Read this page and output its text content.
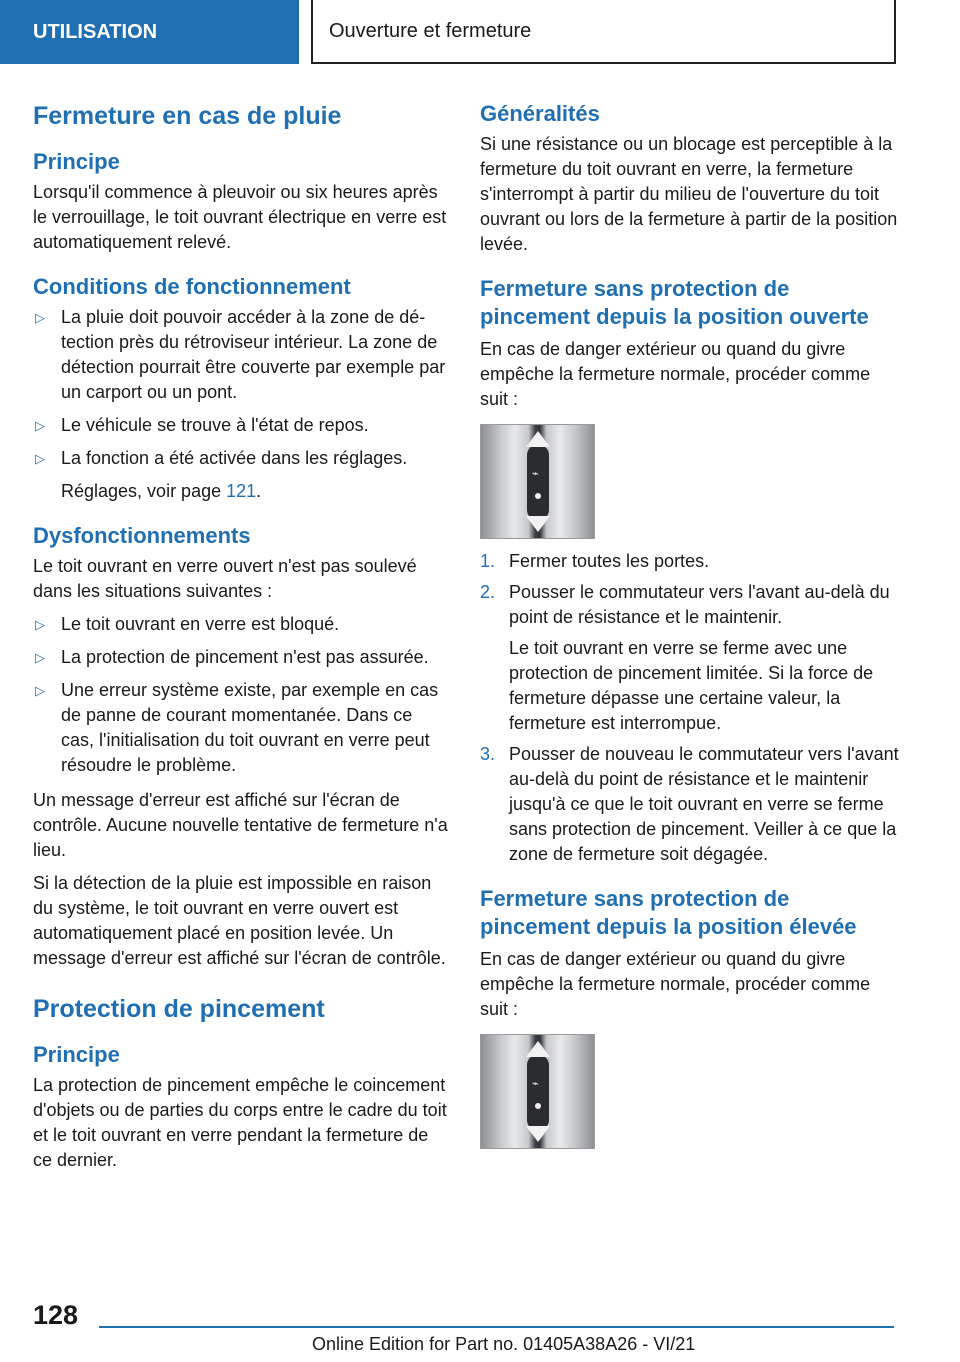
UTILISATION	Ouverture et fermeture
Fermeture en cas de pluie
Principe

Lorsqu'il commence à pleuvoir ou six heures après le verrouillage, le toit ouvrant électrique en verre est automatiquement relevé.

Conditions de fonctionnement
▷ La pluie doit pouvoir accéder à la zone de détection près du rétroviseur intérieur. La zone de détection pourrait être couverte par exemple par un carport ou un pont.
▷ Le véhicule se trouve à l'état de repos.
▷ La fonction a été activée dans les réglages.
Réglages, voir page 121.
Dysfonctionnements

Le toit ouvrant en verre ouvert n'est pas soulevé dans les situations suivantes :

▷ Le toit ouvrant en verre est bloqué.
▷ La protection de pincement n'est pas assurée.
▷ Une erreur système existe, par exemple en cas de panne de courant momentanée. Dans ce cas, l'initialisation du toit ouvrant en verre peut résoudre le problème.

Un message d'erreur est affiché sur l'écran de contrôle. Aucune nouvelle tentative de fermeture n'a lieu.

Si la détection de la pluie est impossible en raison du système, le toit ouvrant en verre ouvert est automatiquement placé en position levée. Un message d'erreur est affiché sur l'écran de contrôle.

Protection de pincement
Principe

La protection de pincement empêche le coincement d'objets ou de parties du corps entre le cadre du toit et le toit ouvrant en verre pendant la fermeture de ce dernier.

Généralités

Si une résistance ou un blocage est perceptible à la fermeture du toit ouvrant en verre, la fermeture s'interrompt à partir du milieu de l'ouverture du toit ouvrant ou lors de la fermeture à partir de la position levée.

Fermeture sans protection de pincement depuis la position ouverte

En cas de danger extérieur ou quand du givre empêche la fermeture normale, procéder comme suit :

⌁
1. Fermer toutes les portes.
2. Pousser le commutateur vers l'avant au-delà du point de résistance et le maintenir.
Le toit ouvrant en verre se ferme avec une protection de pincement limitée. Si la force de fermeture dépasse une certaine valeur, la fermeture est interrompue.
3. Pousser de nouveau le commutateur vers l'avant au-delà du point de résistance et le maintenir jusqu'à ce que le toit ouvrant en verre se ferme sans protection de pincement. Veiller à ce que la zone de fermeture soit dégagée.
Fermeture sans protection de pincement depuis la position élevée

En cas de danger extérieur ou quand du givre empêche la fermeture normale, procéder comme suit :

⌁
128
Online Edition for Part no. 01405A38A26 - VI/21
